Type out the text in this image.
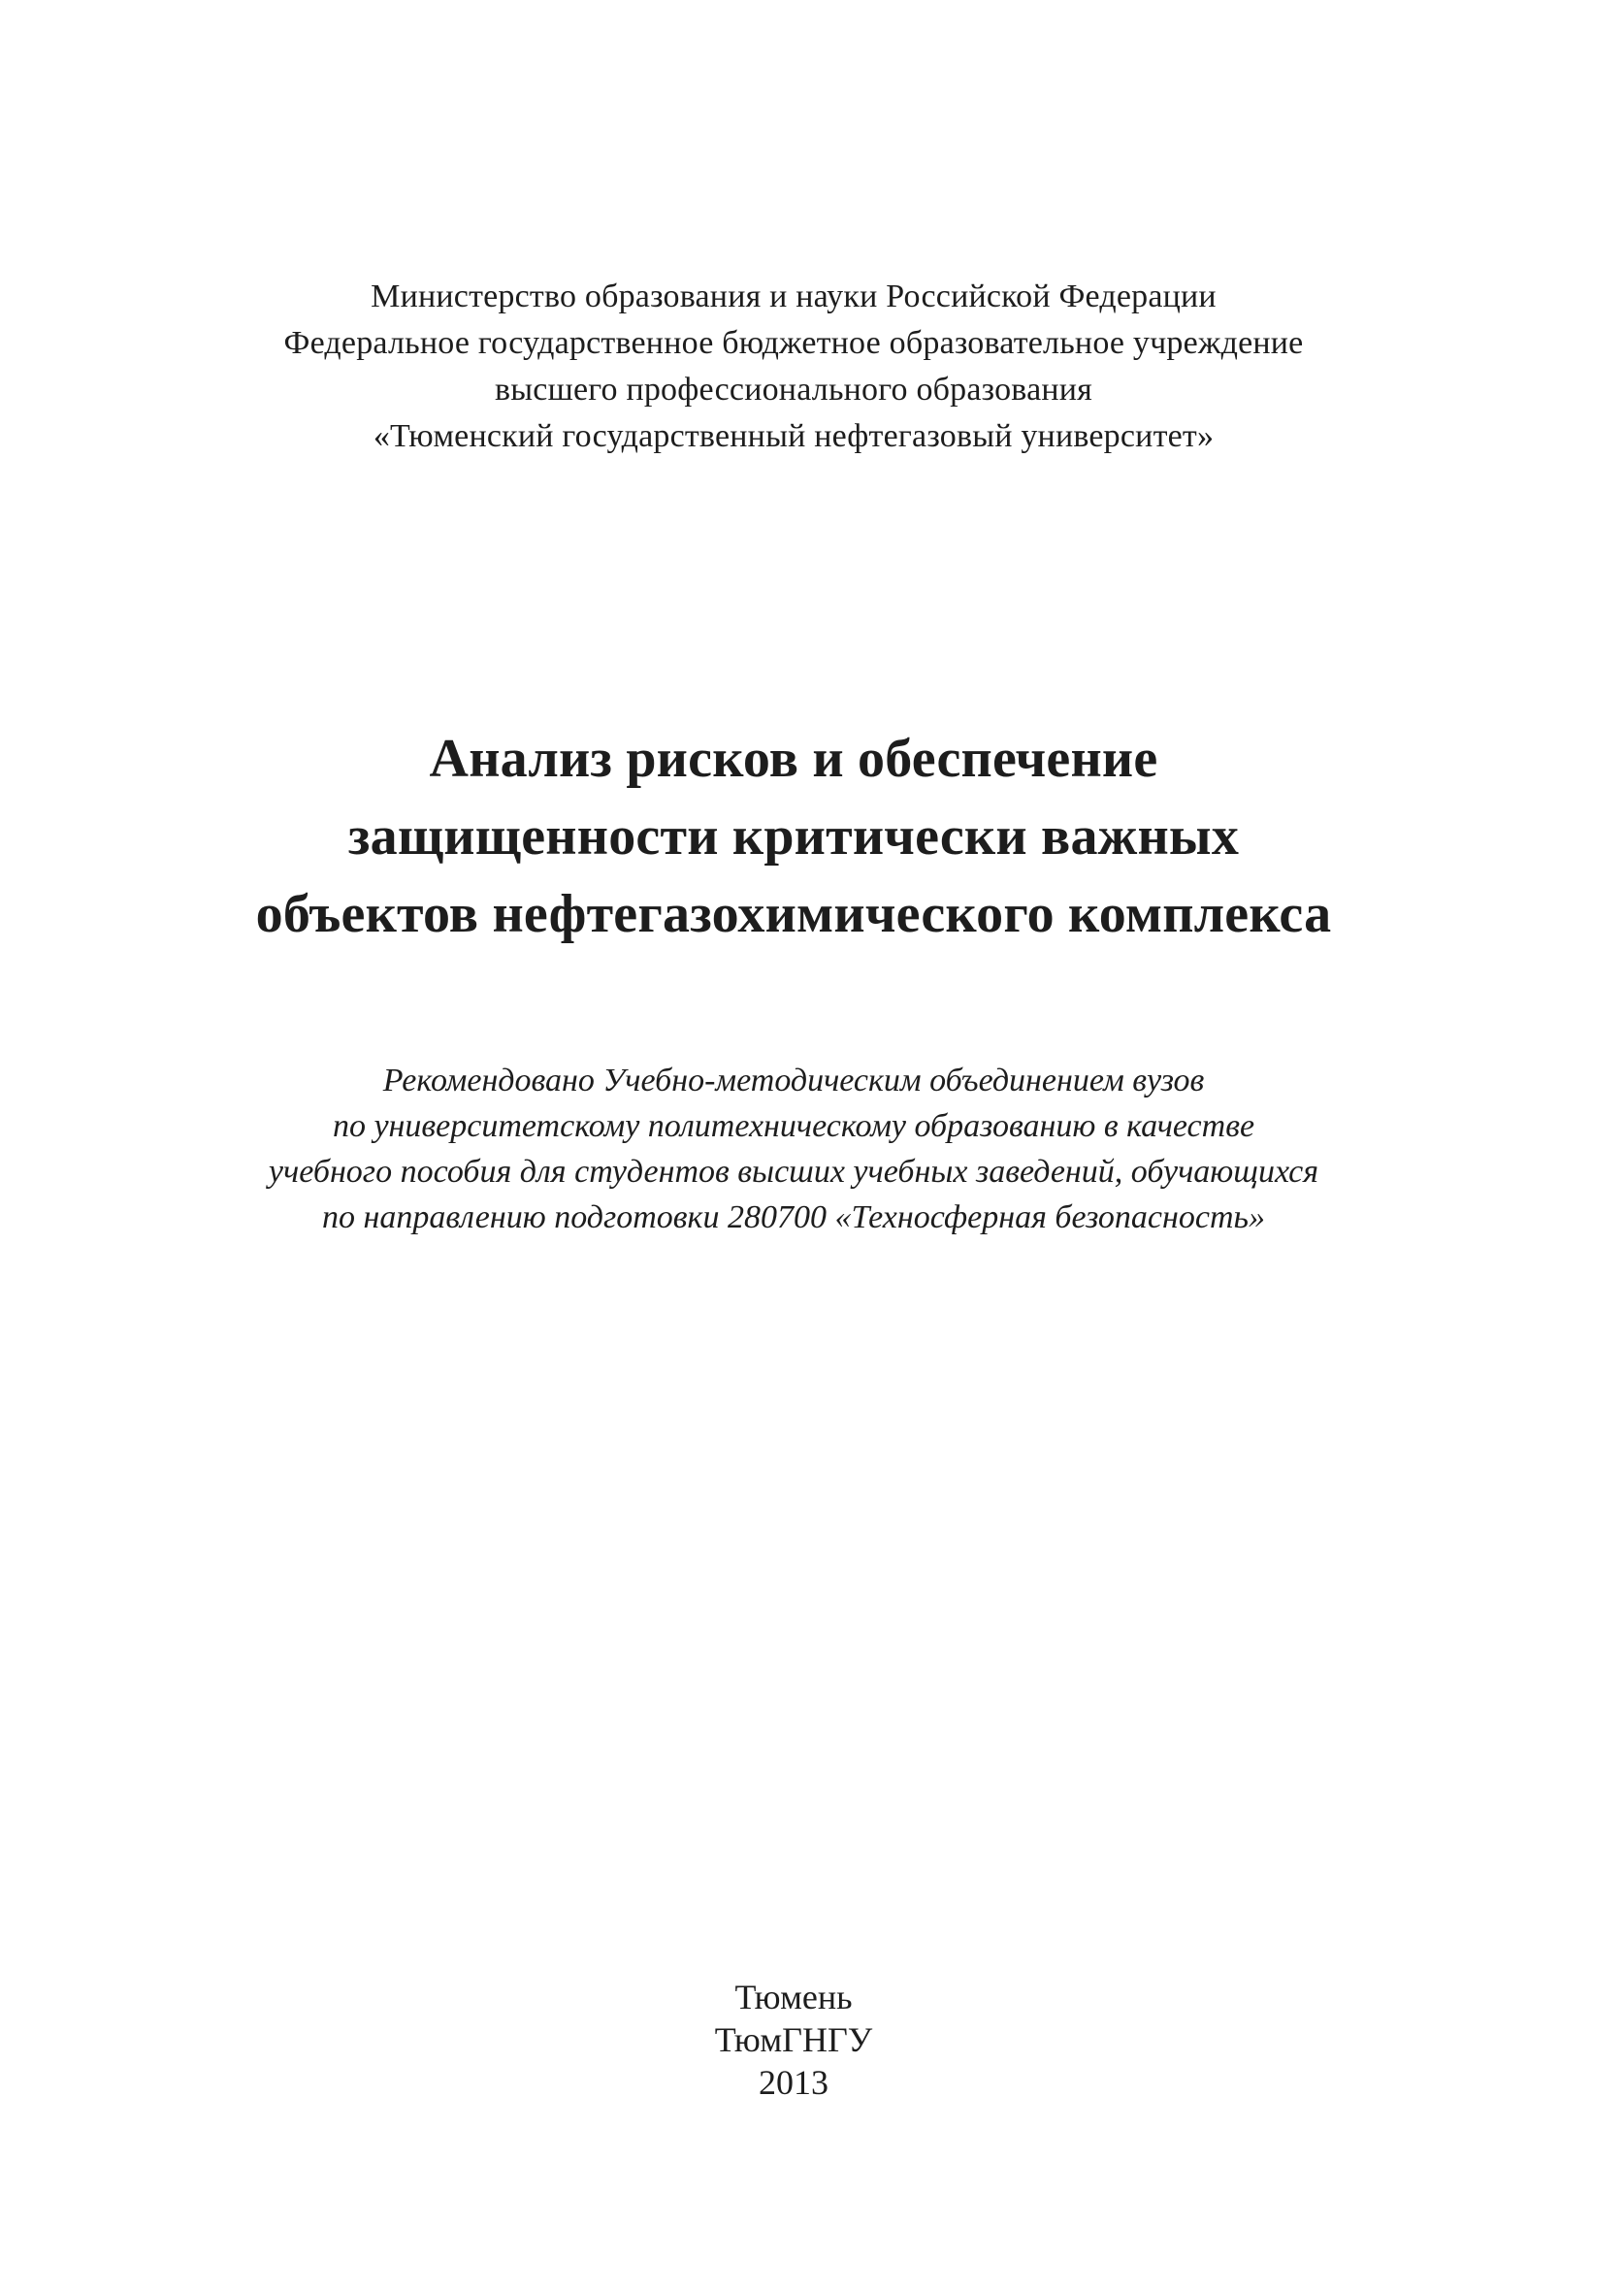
Министерство образования и науки Российской Федерации
Федеральное государственное бюджетное образовательное учреждение
высшего профессионального образования
«Тюменский государственный нефтегазовый университет»
Анализ рисков и обеспечение
защищенности критически важных
объектов нефтегазохимического комплекса
Рекомендовано Учебно-методическим объединением вузов
по университетскому политехническому образованию в качестве
учебного пособия для студентов высших учебных заведений, обучающихся
по направлению подготовки 280700 «Техносферная безопасность»
Тюмень
ТюмГНГУ
2013
